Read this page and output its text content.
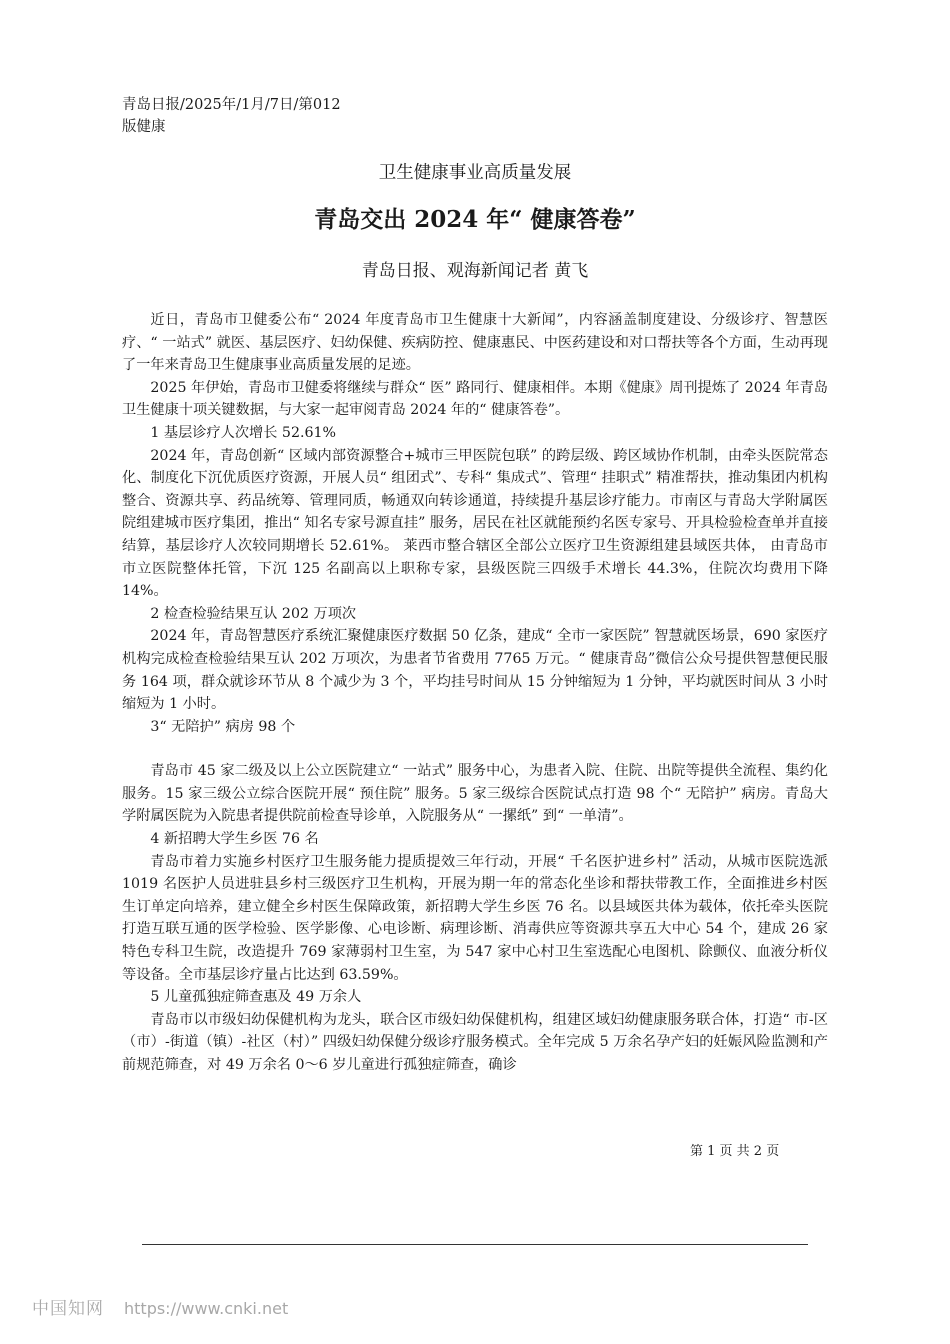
青岛日报/2025年/1月/7日/第012
版健康
卫生健康事业高质量发展
青岛交出 2024 年“ 健康答卷”
青岛日报、观海新闻记者 黄飞

近日，青岛市卫健委公布“ 2024 年度青岛市卫生健康十大新闻”，内容涵盖制度建设、分级诊疗、智慧医疗、“ 一站式” 就医、基层医疗、妇幼保健、疾病防控、健康惠民、中医药建设和对口帮扶等各个方面，生动再现了一年来青岛卫生健康事业高质量发展的足迹。

2025 年伊始，青岛市卫健委将继续与群众“ 医” 路同行、健康相伴。本期《健康》周刊提炼了 2024 年青岛卫生健康十项关键数据，与大家一起审阅青岛 2024 年的“ 健康答卷”。

1 基层诊疗人次增长 52.61%

2024 年，青岛创新“ 区域内部资源整合+城市三甲医院包联” 的跨层级、跨区域协作机制，由牵头医院常态化、制度化下沉优质医疗资源，开展人员“ 组团式”、专科“ 集成式”、管理“ 挂职式” 精准帮扶，推动集团内机构整合、资源共享、药品统筹、管理同质，畅通双向转诊通道，持续提升基层诊疗能力。市南区与青岛大学附属医院组建城市医疗集团，推出“ 知名专家号源直挂” 服务，居民在社区就能预约名医专家号、开具检验检查单并直接结算，基层诊疗人次较同期增长 52.61%。 莱西市整合辖区全部公立医疗卫生资源组建县域医共体， 由青岛市市立医院整体托管，下沉 125 名副高以上职称专家，县级医院三四级手术增长 44.3%，住院次均费用下降 14%。

2 检查检验结果互认 202 万项次

2024 年，青岛智慧医疗系统汇聚健康医疗数据 50 亿条，建成“ 全市一家医院” 智慧就医场景，690 家医疗机构完成检查检验结果互认 202 万项次，为患者节省费用 7765 万元。“ 健康青岛”微信公众号提供智慧便民服务 164 项，群众就诊环节从 8 个减少为 3 个，平均挂号时间从 15 分钟缩短为 1 分钟，平均就医时间从 3 小时缩短为 1 小时。

3“ 无陪护” 病房 98 个

青岛市 45 家二级及以上公立医院建立“ 一站式” 服务中心，为患者入院、住院、出院等提供全流程、集约化服务。15 家三级公立综合医院开展“ 预住院” 服务。5 家三级综合医院试点打造 98 个“ 无陪护” 病房。青岛大学附属医院为入院患者提供院前检查导诊单，入院服务从“ 一摞纸” 到“ 一单清”。

4 新招聘大学生乡医 76 名

青岛市着力实施乡村医疗卫生服务能力提质提效三年行动，开展“ 千名医护进乡村” 活动，从城市医院选派 1019 名医护人员进驻县乡村三级医疗卫生机构，开展为期一年的常态化坐诊和帮扶带教工作，全面推进乡村医生订单定向培养，建立健全乡村医生保障政策，新招聘大学生乡医 76 名。以县域医共体为载体，依托牵头医院打造互联互通的医学检验、医学影像、心电诊断、病理诊断、消毒供应等资源共享五大中心 54 个，建成 26 家特色专科卫生院，改造提升 769 家薄弱村卫生室，为 547 家中心村卫生室选配心电图机、除颤仪、血液分析仪等设备。全市基层诊疗量占比达到 63.59%。

5 儿童孤独症筛查惠及 49 万余人

青岛市以市级妇幼保健机构为龙头，联合区市级妇幼保健机构，组建区域妇幼健康服务联合体，打造“ 市-区（市）-街道（镇）-社区（村）” 四级妇幼保健分级诊疗服务模式。全年完成 5 万余名孕产妇的妊娠风险监测和产前规范筛查，对 49 万余名 0～6 岁儿童进行孤独症筛查，确诊

第 1 页 共 2 页
中国知网 https://www.cnki.net
